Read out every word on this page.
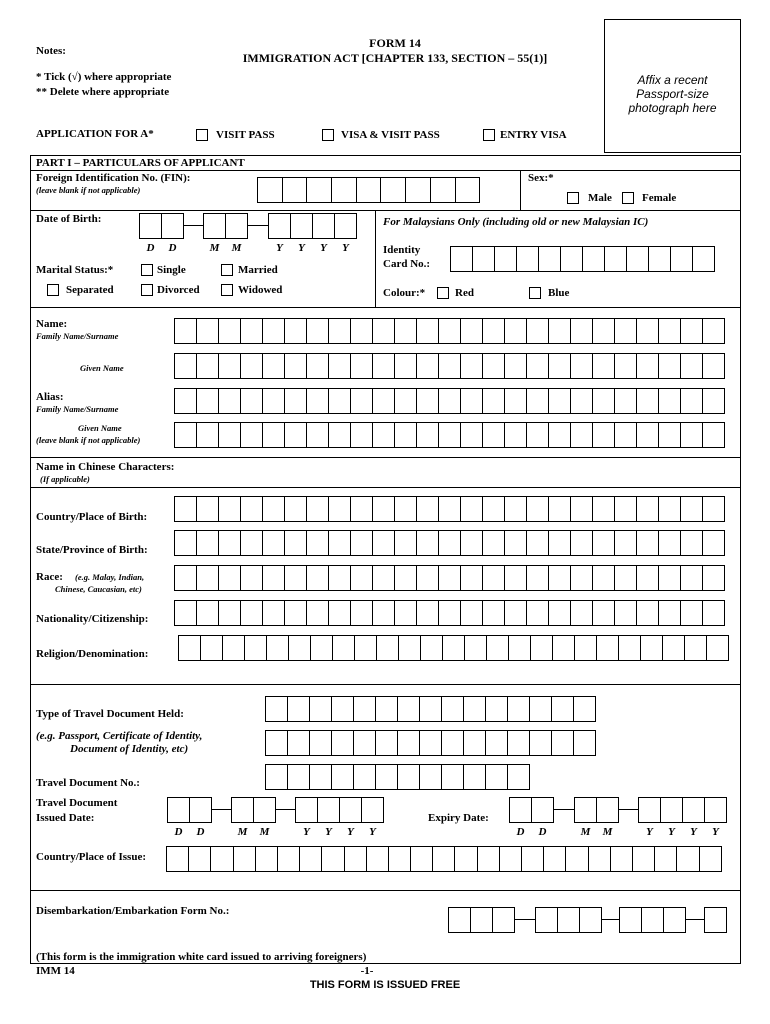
Notes:
FORM 14
IMMIGRATION ACT [CHAPTER 133, SECTION – 55(1)]
* Tick (√) where appropriate
** Delete where appropriate
Affix a recent
Passport-size
photograph here
APPLICATION FOR A*	VISIT PASS	VISA & VISIT PASS	ENTRY VISA
PART I – PARTICULARS OF APPLICANT
Foreign Identification No. (FIN):
(leave blank if not applicable)
Sex:*
Male	Female
Date of Birth:
D D	M M	Y Y Y Y
For Malaysians Only (including old or new Malaysian IC)
Identity
Card No.:
Marital Status:*	Single	Married
Separated	Divorced	Widowed	Colour:*	Red	Blue
Name:
Family Name/Surname
Given Name
Alias:
Family Name/Surname
Given Name
(leave blank if not applicable)
Name in Chinese Characters:
(If applicable)
Country/Place of Birth:
State/Province of Birth:
Race: (e.g. Malay, Indian,
Chinese, Caucasian, etc)
Nationality/Citizenship:
Religion/Denomination:
Type of Travel Document Held:
(e.g. Passport, Certificate of Identity,
Document of Identity, etc)
Travel Document No.:
Travel Document
Issued Date:
D D	M M	Y Y Y Y
Expiry Date:
D D	M M	Y Y Y Y
Country/Place of Issue:
Disembarkation/Embarkation Form No.:
(This form is the immigration white card issued to arriving foreigners)
IMM 14	-1-
THIS FORM IS ISSUED FREE
